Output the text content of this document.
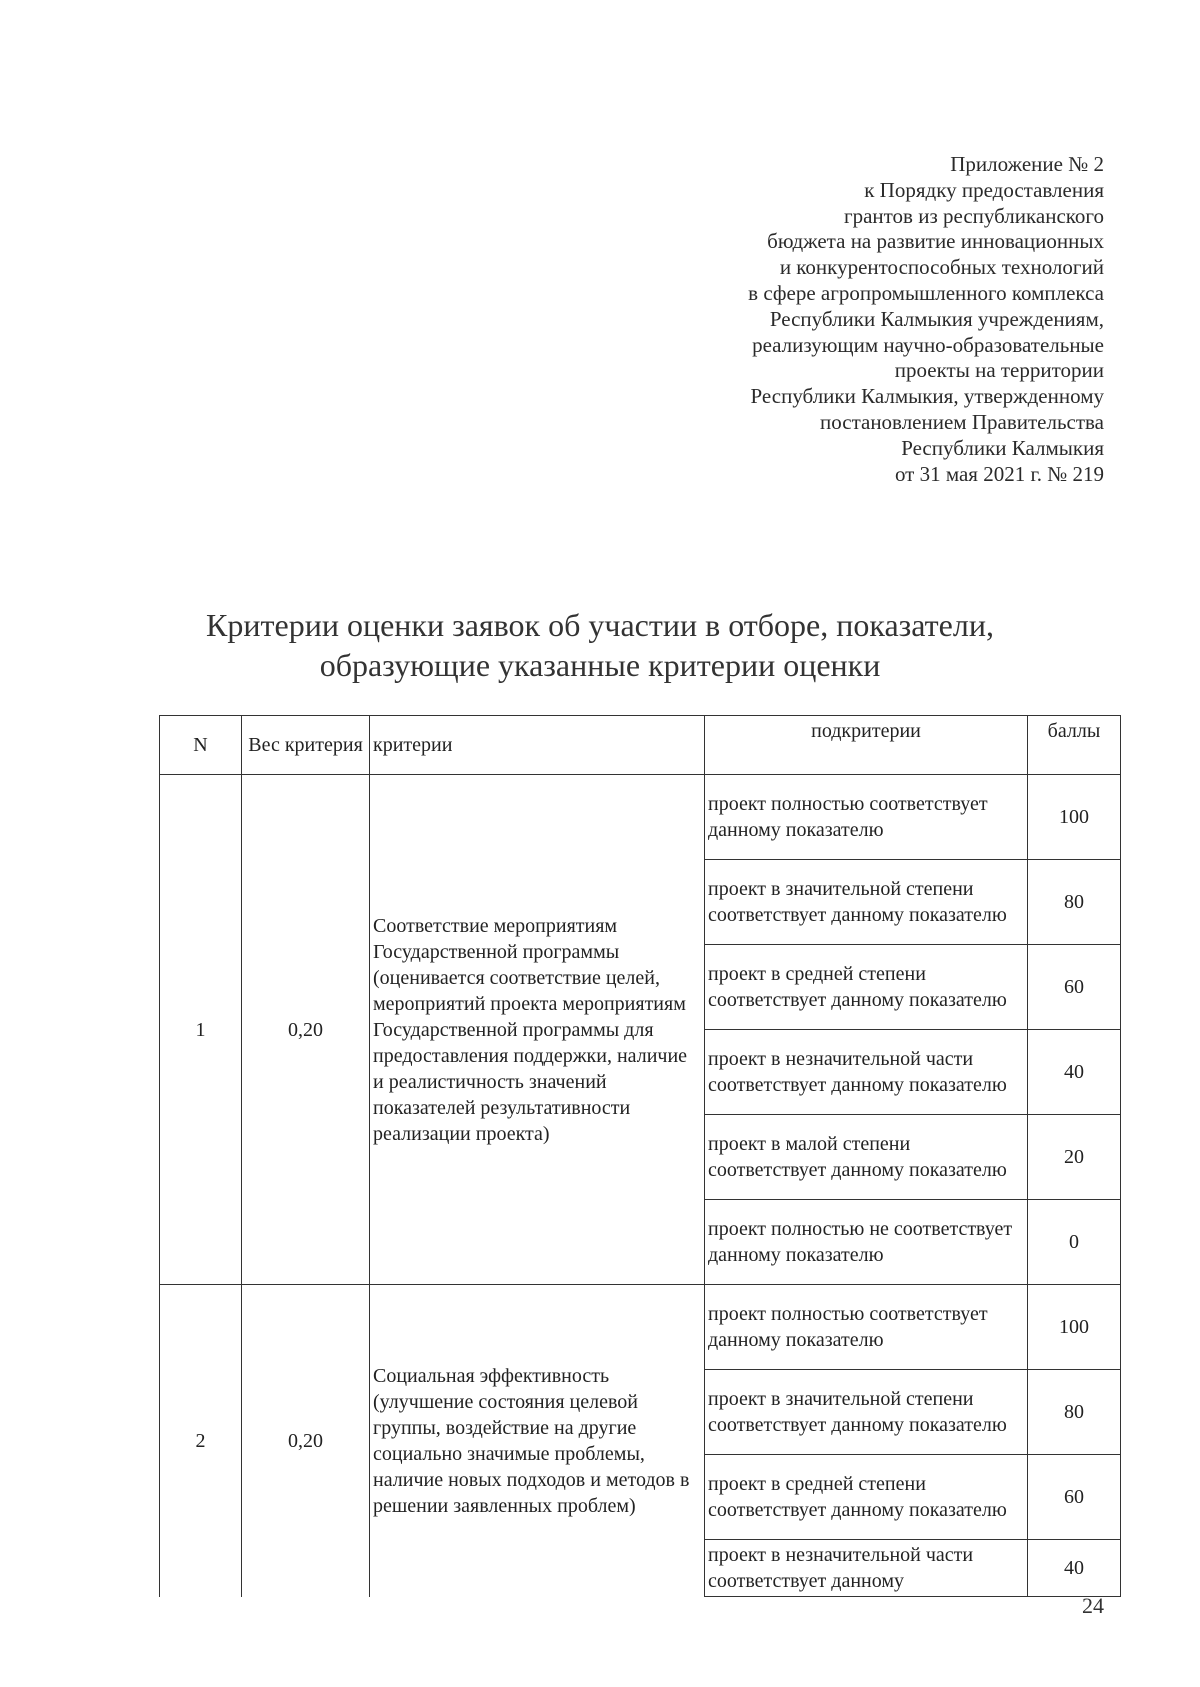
Приложение № 2
к Порядку предоставления
грантов из республиканского
бюджета на развитие инновационных
и конкурентоспособных технологий
в сфере агропромышленного комплекса
Республики Калмыкия учреждениям,
реализующим научно-образовательные
проекты на территории
Республики Калмыкия, утвержденному
постановлением Правительства
Республики Калмыкия
от 31 мая 2021 г. № 219
Критерии оценки заявок об участии в отборе, показатели,
образующие указанные критерии оценки
N	Вес критерия	критерии	подкритерии	баллы
1	0,20	Соответствие мероприятиям Государственной программы (оценивается соответствие целей, мероприятий проекта мероприятиям Государственной программы для предоставления поддержки, наличие и реалистичность значений показателей результативности реализации проекта)	проект полностью соответствует данному показателю	100
			проект в значительной степени соответствует данному показателю	80
			проект в средней степени соответствует данному показателю	60
			проект в незначительной части соответствует данному показателю	40
			проект в малой степени соответствует данному показателю	20
			проект полностью не соответствует данному показателю	0
2	0,20	Социальная эффективность (улучшение состояния целевой группы, воздействие на другие социально значимые проблемы, наличие новых подходов и методов в решении заявленных проблем)	проект полностью соответствует данному показателю	100
			проект в значительной степени соответствует данному показателю	80
			проект в средней степени соответствует данному показателю	60
			проект в незначительной части соответствует данному	40
24
